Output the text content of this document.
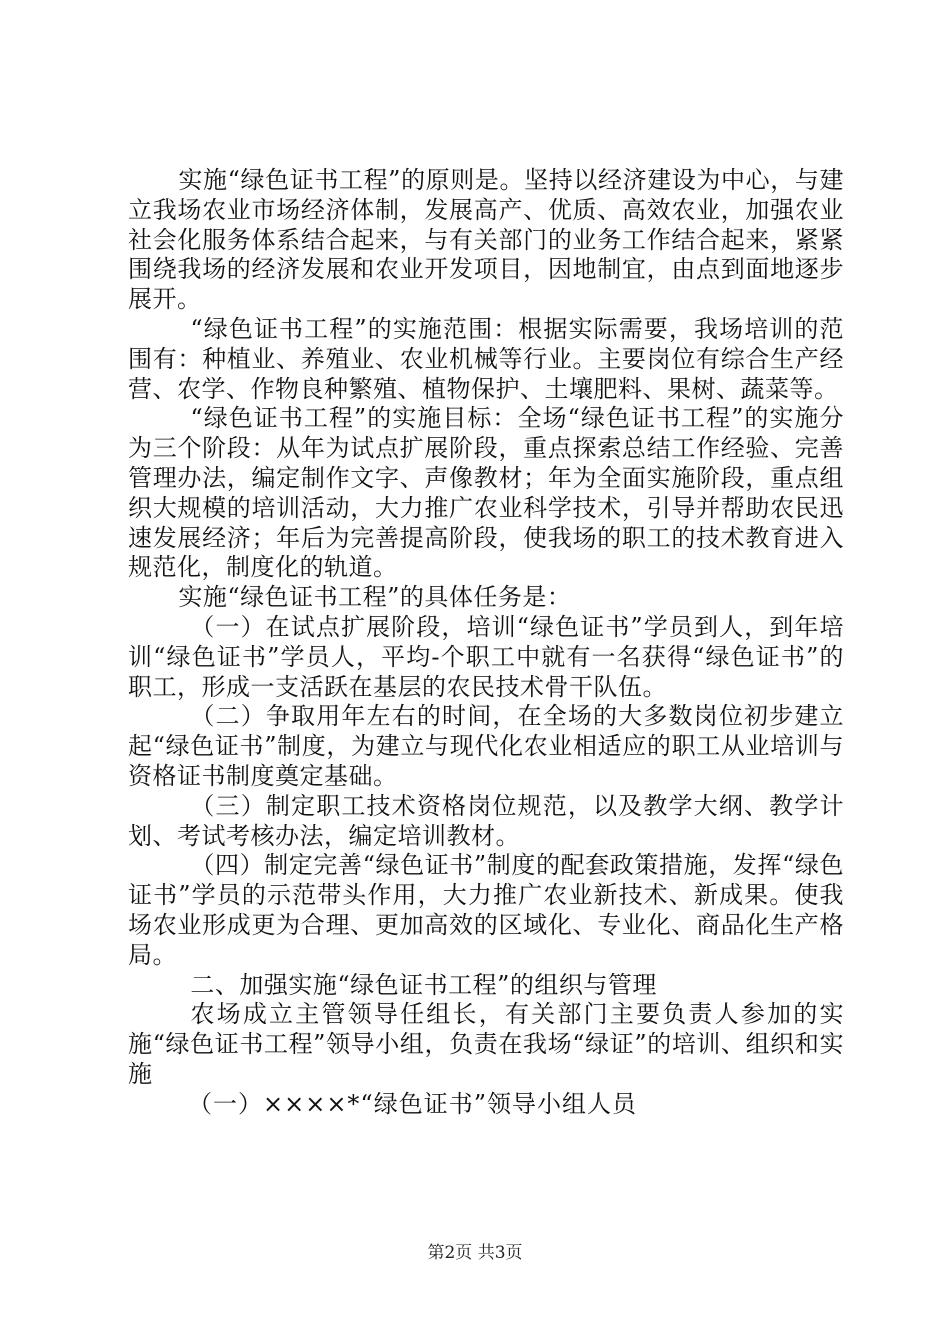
实施“绿色证书工程”的原则是。坚持以经济建设为中心，与建立我场农业市场经济体制，发展高产、优质、高效农业，加强农业社会化服务体系结合起来，与有关部门的业务工作结合起来，紧紧围绕我场的经济发展和农业开发项目，因地制宜，由点到面地逐步展开。

“绿色证书工程”的实施范围：根据实际需要，我场培训的范围有：种植业、养殖业、农业机械等行业。主要岗位有综合生产经营、农学、作物良种繁殖、植物保护、土壤肥料、果树、蔬菜等。

“绿色证书工程”的实施目标：全场“绿色证书工程”的实施分为三个阶段：从年为试点扩展阶段，重点探索总结工作经验、完善管理办法，编定制作文字、声像教材；年为全面实施阶段，重点组织大规模的培训活动，大力推广农业科学技术，引导并帮助农民迅速发展经济；年后为完善提高阶段，使我场的职工的技术教育进入规范化，制度化的轨道。

实施“绿色证书工程”的具体任务是：

（一）在试点扩展阶段，培训“绿色证书”学员到人，到年培训“绿色证书”学员人，平均-个职工中就有一名获得“绿色证书”的职工，形成一支活跃在基层的农民技术骨干队伍。

（二）争取用年左右的时间，在全场的大多数岗位初步建立起“绿色证书”制度，为建立与现代化农业相适应的职工从业培训与资格证书制度奠定基础。

（三）制定职工技术资格岗位规范，以及教学大纲、教学计划、考试考核办法，编定培训教材。

（四）制定完善“绿色证书”制度的配套政策措施，发挥“绿色证书”学员的示范带头作用，大力推广农业新技术、新成果。使我场农业形成更为合理、更加高效的区域化、专业化、商品化生产格局。

二、加强实施“绿色证书工程”的组织与管理

农场成立主管领导任组长，有关部门主要负责人参加的实施“绿色证书工程”领导小组，负责在我场“绿证”的培训、组织和实施

（一）××××*“绿色证书”领导小组人员

第2页 共3页
